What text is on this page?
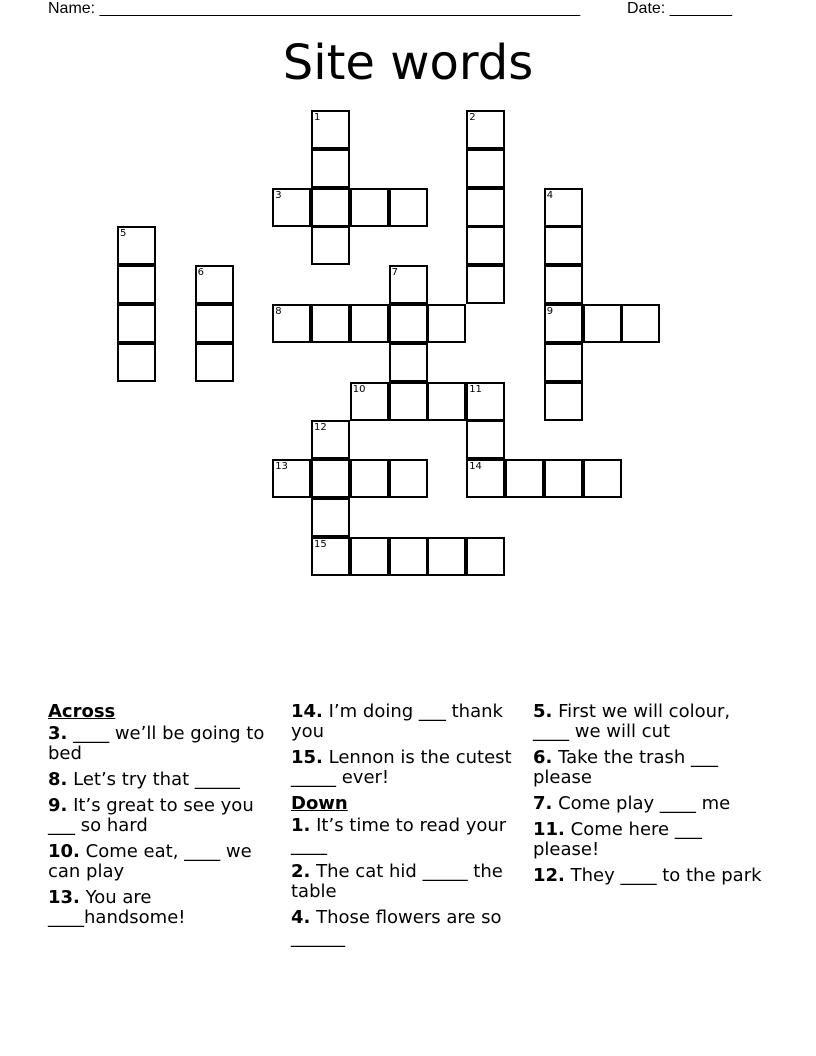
Name: ______________________________________________________	Date: _______
Site words
1	2
3	4
9
5
6	7
8
10	11
14
12
15
13
Across
3. ____ we’ll be going to bed
8. Let’s try that _____
9. It’s great to see you ___ so hard
10. Come eat, ____ we can play
13. You are ____handsome!
14. I’m doing ___ thank you
15. Lennon is the cutest _____ ever!
Down
1. It’s time to read your ____
2. The cat hid _____ the table
4. Those flowers are so ______
5. First we will colour, ____ we will cut
6. Take the trash ___ please
7. Come play ____ me
11. Come here ___ please!
12. They ____ to the park
